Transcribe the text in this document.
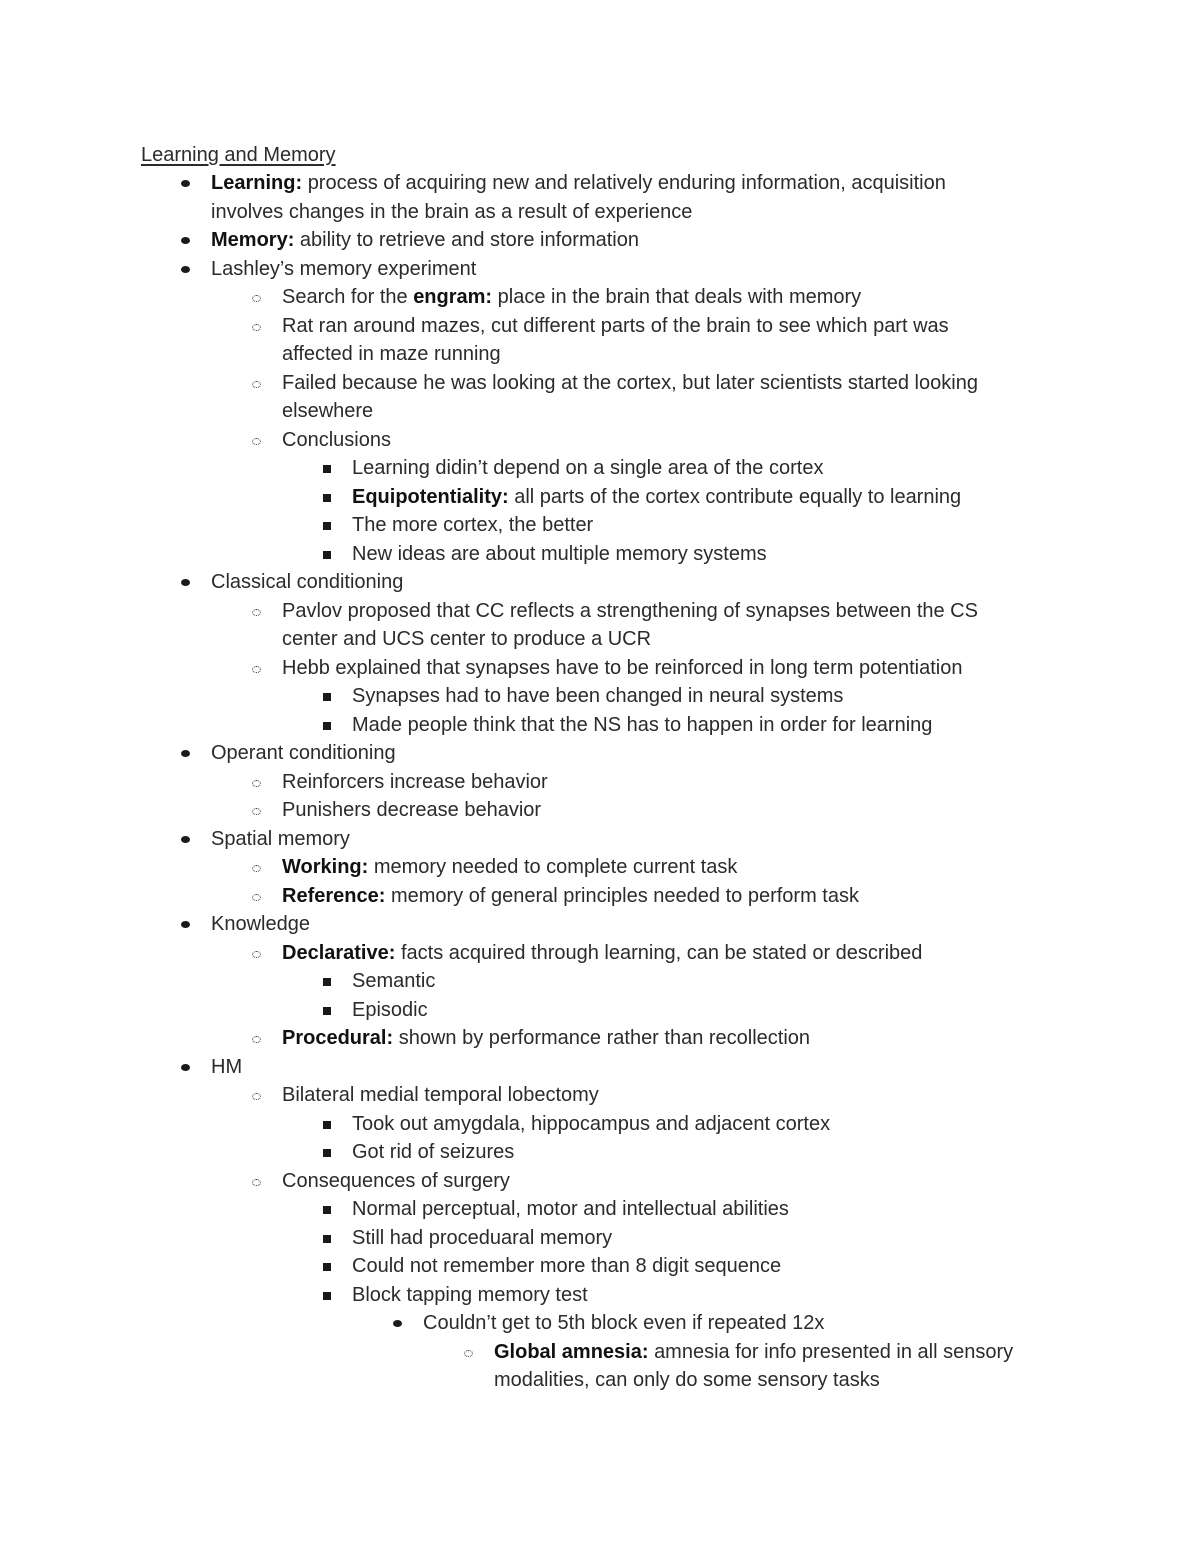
Learning and Memory
Learning: process of acquiring new and relatively enduring information, acquisition
involves changes in the brain as a result of experience
Memory: ability to retrieve and store information
Lashley’s memory experiment
Search for the engram: place in the brain that deals with memory
Rat ran around mazes, cut different parts of the brain to see which part was
affected in maze running
Failed because he was looking at the cortex, but later scientists started looking
elsewhere
Conclusions
Learning didin’t depend on a single area of the cortex
Equipotentiality: all parts of the cortex contribute equally to learning
The more cortex, the better
New ideas are about multiple memory systems
Classical conditioning
Pavlov proposed that CC reflects a strengthening of synapses between the CS
center and UCS center to produce a UCR
Hebb explained that synapses have to be reinforced in long term potentiation
Synapses had to have been changed in neural systems
Made people think that the NS has to happen in order for learning
Operant conditioning
Reinforcers increase behavior
Punishers decrease behavior
Spatial memory
Working: memory needed to complete current task
Reference: memory of general principles needed to perform task
Knowledge
Declarative: facts acquired through learning, can be stated or described
Semantic
Episodic
Procedural: shown by performance rather than recollection
HM
Bilateral medial temporal lobectomy
Took out amygdala, hippocampus and adjacent cortex
Got rid of seizures
Consequences of surgery
Normal perceptual, motor and intellectual abilities
Still had proceduaral memory
Could not remember more than 8 digit sequence
Block tapping memory test
Couldn’t get to 5th block even if repeated 12x
Global amnesia: amnesia for info presented in all sensory
modalities, can only do some sensory tasks
